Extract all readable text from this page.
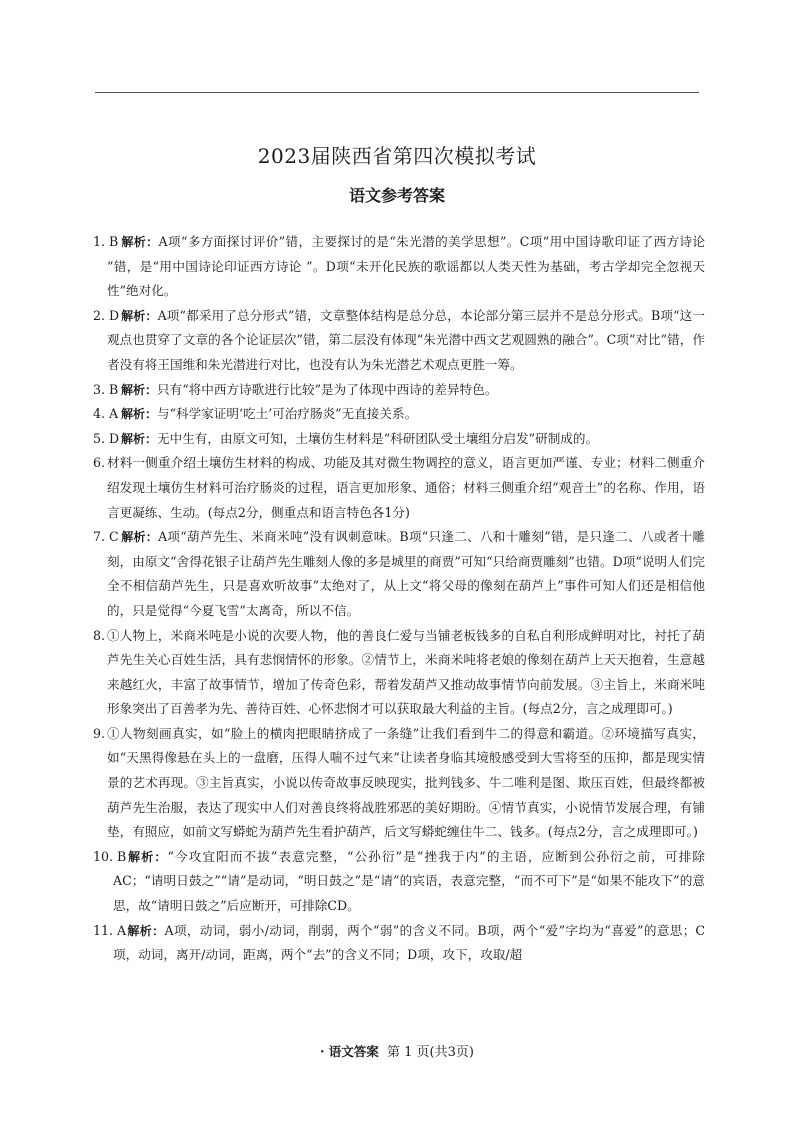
2023届陕西省第四次模拟考试
语文参考答案

1. B 解析：A项“多方面探讨评价”错，主要探讨的是“朱光潜的美学思想”。C项“用中国诗歌印证了西方诗论 ”错，是“用中国诗论印证西方诗论 ”。D项“未开化民族的歌谣都以人类天性为基础，考古学却完全忽视天性”绝对化。

2. D 解析：A项“都采用了总分形式”错，文章整体结构是总分总，本论部分第三层并不是总分形式。B项“这一观点也贯穿了文章的各个论证层次”错，第二层没有体现“朱光潜中西文艺观圆熟的融合”。C项“对比”错，作者没有将王国维和朱光潜进行对比，也没有认为朱光潜艺术观点更胜一筹。

3. B 解析：只有“将中西方诗歌进行比较”是为了体现中西诗的差异特色。

4. A 解析：与“科学家证明‘吃土’可治疗肠炎”无直接关系。

5. D 解析：无中生有，由原文可知，土壤仿生材料是“科研团队受土壤组分启发”研制成的。

6. 材料一侧重介绍土壤仿生材料的构成、功能及其对微生物调控的意义，语言更加严谨、专业；材料二侧重介绍发现土壤仿生材料可治疗肠炎的过程，语言更加形象、通俗；材料三侧重介绍“观音土”的名称、作用，语言更凝练、生动。(每点2分，侧重点和语言特色各1分)

7. C 解析：A项“葫芦先生、米商米吨”没有讽刺意味。B项“只逢二、八和十雕刻”错，是只逢二、八或者十雕刻，由原文“舍得花银子让葫芦先生雕刻人像的多是城里的商贾”可知“只给商贾雕刻”也错。D项“说明人们完全不相信葫芦先生，只是喜欢听故事”太绝对了，从上文“将父母的像刻在葫芦上”事件可知人们还是相信他的，只是觉得“今夏飞雪”太离奇，所以不信。

8. ①人物上，米商米吨是小说的次要人物，他的善良仁爱与当铺老板钱多的自私自利形成鲜明对比，衬托了葫芦先生关心百姓生活，具有悲悯情怀的形象。②情节上，米商米吨将老娘的像刻在葫芦上天天抱着，生意越来越红火，丰富了故事情节，增加了传奇色彩，帮着发葫芦又推动故事情节向前发展。③主旨上，米商米吨形象突出了百善孝为先、善待百姓、心怀悲悯才可以获取最大利益的主旨。(每点2分，言之成理即可。)

9. ①人物刻画真实，如“脸上的横肉把眼睛挤成了一条缝”让我们看到牛二的得意和霸道。②环境描写真实，如“天黑得像悬在头上的一盘磨，压得人喘不过气来”让读者身临其境般感受到大雪将至的压抑，都是现实情景的艺术再现。③主旨真实，小说以传奇故事反映现实，批判钱多、牛二唯利是图、欺压百姓，但最终都被葫芦先生治服，表达了现实中人们对善良终将战胜邪恶的美好期盼。④情节真实，小说情节发展合理，有铺垫，有照应，如前文写蟒蛇为葫芦先生看护葫芦，后文写蟒蛇缠住牛二、钱多。(每点2分，言之成理即可。)

10. B 解析：“今攻宜阳而不拔”表意完整，“公孙衍”是“挫我于内”的主语，应断到公孙衍之前，可排除AC；“请明日鼓之”“请”是动词，“明日鼓之”是“请”的宾语，表意完整，“而不可下”是“如果不能攻下”的意思，故“请明日鼓之”后应断开，可排除CD。

11. A 解析：A项，动词，弱小/动词，削弱，两个“弱”的含义不同。B项，两个“爱”字均为“喜爱”的意思；C项，动词，离开/动词，距离，两个“去”的含义不同；D项，攻下，攻取/超

· 语文答案 第 1 页(共3页)
